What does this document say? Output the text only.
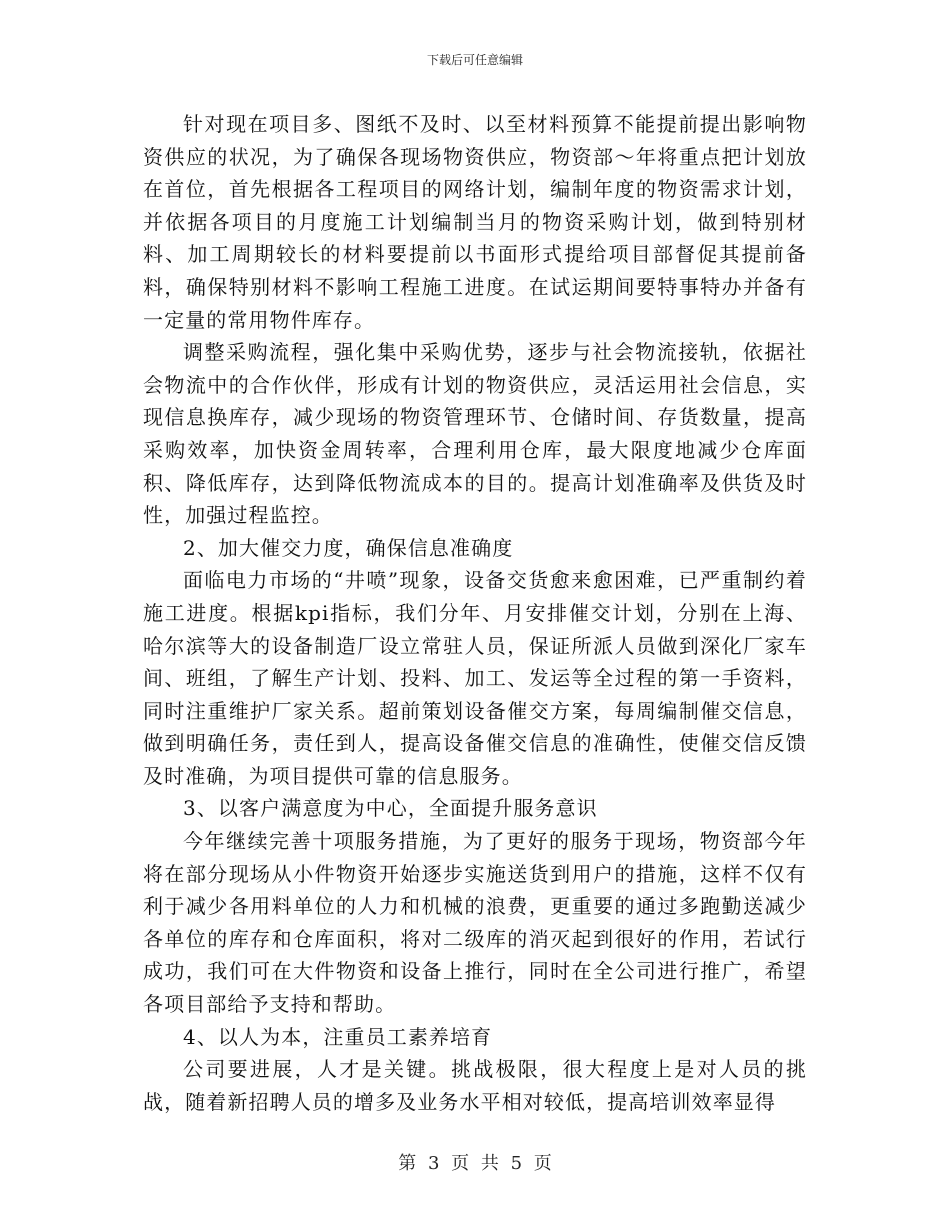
下载后可任意编辑

针对现在项目多、图纸不及时、以至材料预算不能提前提出影响物资供应的状况，为了确保各现场物资供应，物资部～年将重点把计划放在首位，首先根据各工程项目的网络计划，编制年度的物资需求计划，并依据各项目的月度施工计划编制当月的物资采购计划，做到特别材料、加工周期较长的材料要提前以书面形式提给项目部督促其提前备料，确保特别材料不影响工程施工进度。在试运期间要特事特办并备有一定量的常用物件库存。

调整采购流程，强化集中采购优势，逐步与社会物流接轨，依据社会物流中的合作伙伴，形成有计划的物资供应，灵活运用社会信息，实现信息换库存，减少现场的物资管理环节、仓储时间、存货数量，提高采购效率，加快资金周转率，合理利用仓库，最大限度地减少仓库面积、降低库存，达到降低物流成本的目的。提高计划准确率及供货及时性，加强过程监控。

2、加大催交力度，确保信息准确度

面临电力市场的“井喷”现象，设备交货愈来愈困难，已严重制约着施工进度。根据kpi指标，我们分年、月安排催交计划，分别在上海、哈尔滨等大的设备制造厂设立常驻人员，保证所派人员做到深化厂家车间、班组，了解生产计划、投料、加工、发运等全过程的第一手资料，同时注重维护厂家关系。超前策划设备催交方案，每周编制催交信息，做到明确任务，责任到人，提高设备催交信息的准确性，使催交信反馈及时准确，为项目提供可靠的信息服务。

3、以客户满意度为中心，全面提升服务意识

今年继续完善十项服务措施，为了更好的服务于现场，物资部今年将在部分现场从小件物资开始逐步实施送货到用户的措施，这样不仅有利于减少各用料单位的人力和机械的浪费，更重要的通过多跑勤送减少各单位的库存和仓库面积，将对二级库的消灭起到很好的作用，若试行成功，我们可在大件物资和设备上推行，同时在全公司进行推广，希望各项目部给予支持和帮助。

4、以人为本，注重员工素养培育

公司要进展，人才是关键。挑战极限，很大程度上是对人员的挑战，随着新招聘人员的增多及业务水平相对较低，提高培训效率显得

第 3 页 共 5 页
